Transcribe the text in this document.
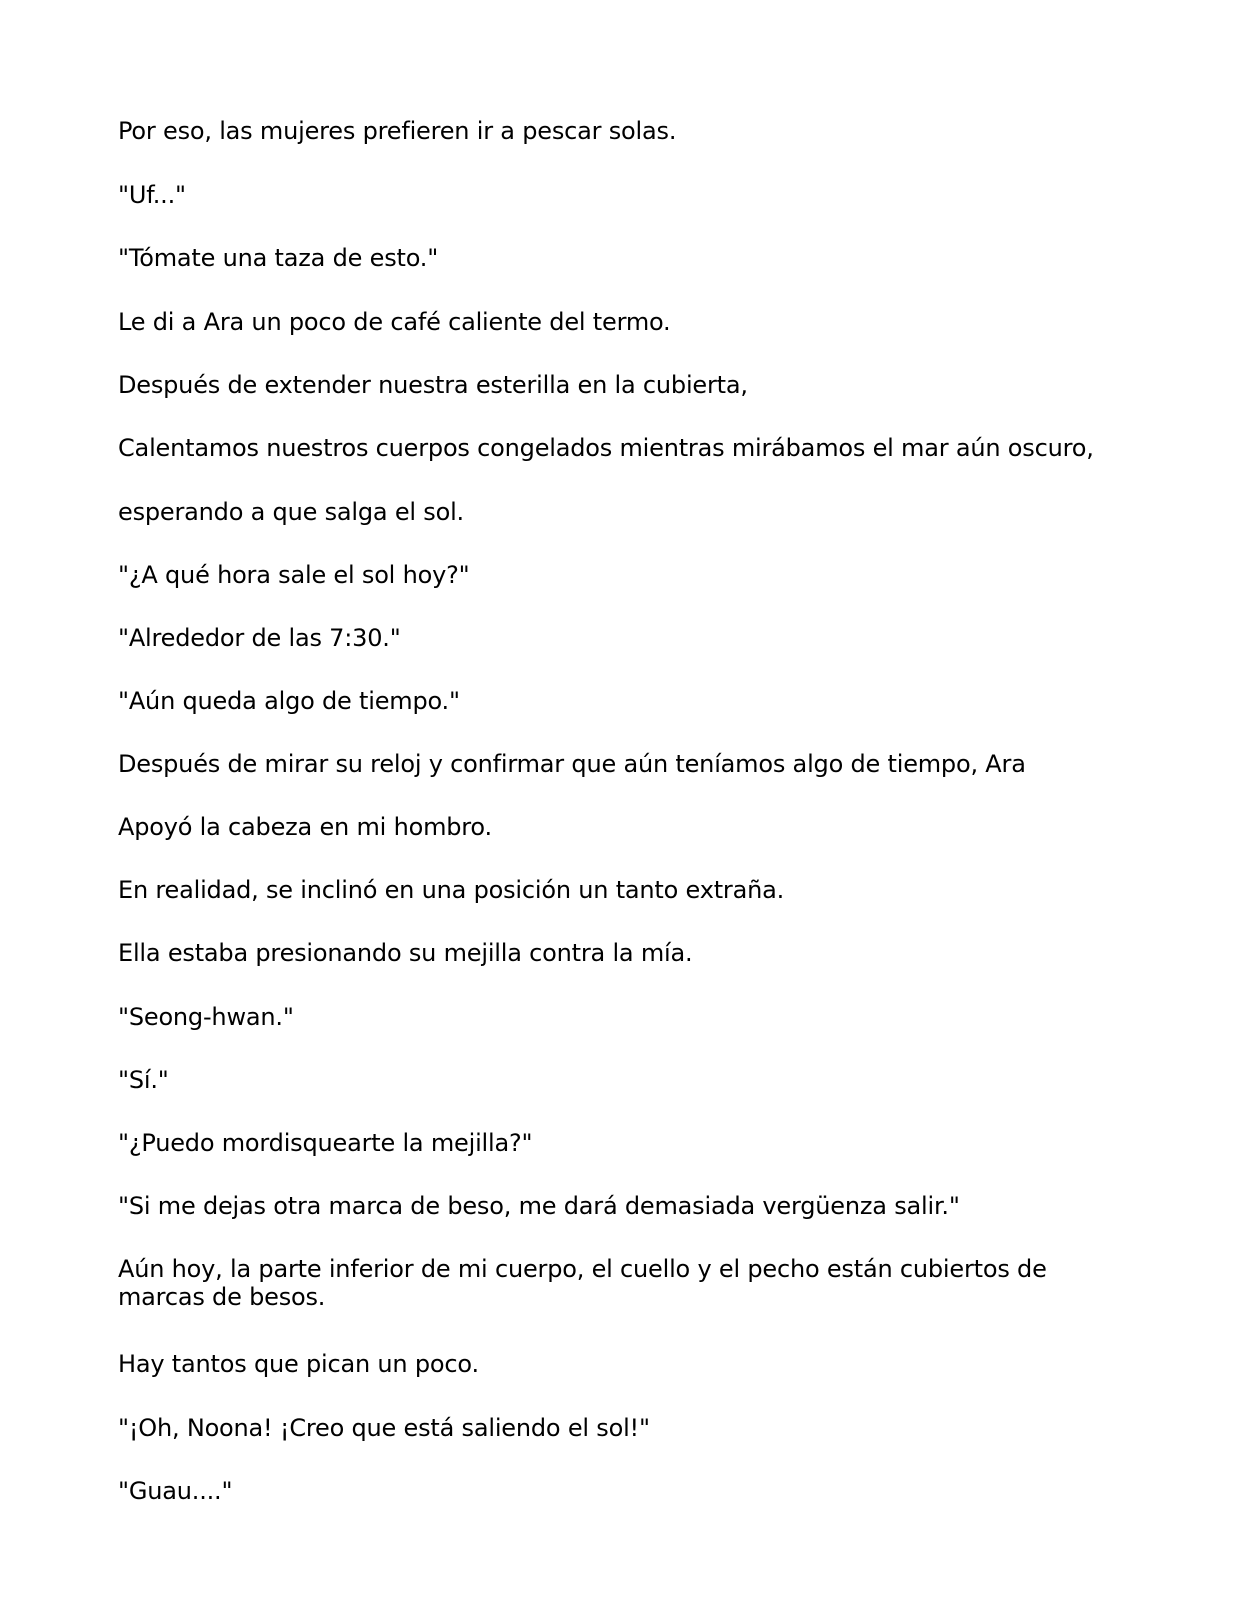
Por eso, las mujeres prefieren ir a pescar solas.

"Uf..."

"Tómate una taza de esto."

Le di a Ara un poco de café caliente del termo.

Después de extender nuestra esterilla en la cubierta,

Calentamos nuestros cuerpos congelados mientras mirábamos el mar aún oscuro,

esperando a que salga el sol.

"¿A qué hora sale el sol hoy?"

"Alrededor de las 7:30."

"Aún queda algo de tiempo."

Después de mirar su reloj y confirmar que aún teníamos algo de tiempo, Ara

Apoyó la cabeza en mi hombro.

En realidad, se inclinó en una posición un tanto extraña.

Ella estaba presionando su mejilla contra la mía.

"Seong-hwan."

"Sí."

"¿Puedo mordisquearte la mejilla?"

"Si me dejas otra marca de beso, me dará demasiada vergüenza salir."

Aún hoy, la parte inferior de mi cuerpo, el cuello y el pecho están cubiertos de marcas de besos.

Hay tantos que pican un poco.

"¡Oh, Noona! ¡Creo que está saliendo el sol!"

"Guau...."
